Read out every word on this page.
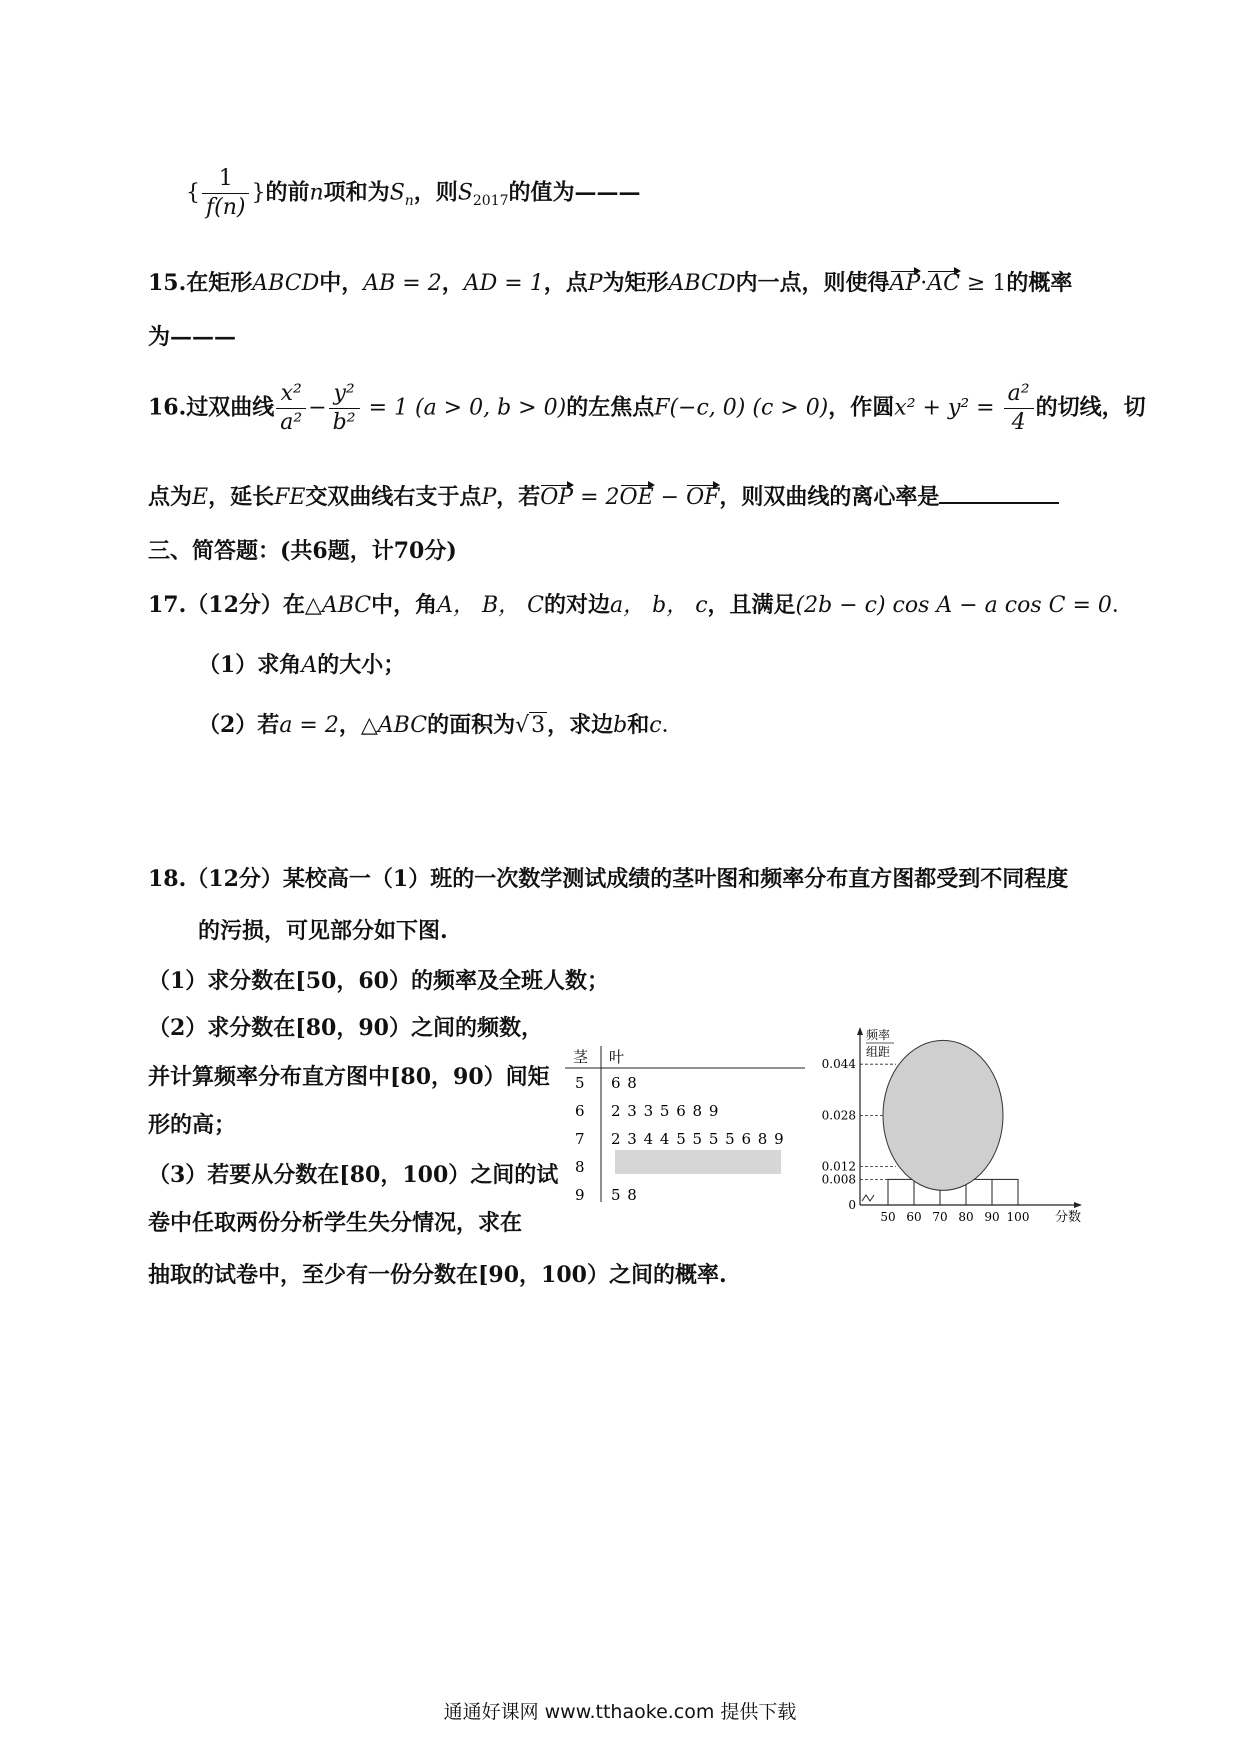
{ $\frac{1}{f(n)}$ }的前n项和为$S_n$，则$S_{2017}$的值为———
15.在矩形ABCD中，AB = 2，AD = 1，点P为矩形ABCD内一点，则使得AP·AC ≥ 1的概率
为———
16.过双曲线 $\frac{\text{x²}}{\text{a²}} - \frac{\text{y²}}{\text{b²}} = 1$ (a > 0, b > 0)的左焦点F(−c, 0) (c > 0)，作圆$x^2 + y^2 = \frac{\text{a²}}{4}$ 的切线，切
点为E，延长FE交双曲线右支于点P，若OP = 2OE − OF，则双曲线的离心率是
三、简答题：(共6题，计70分)
17.（12分）在△ABC中，角A， B， C的对边a， b， c，且满足(2b − c) cos A − a cos C = 0．
（1）求角A的大小；
（2）若a = 2，△ABC的面积为√3，求边b和c．
18.（12分）某校高一（1）班的一次数学测试成绩的茎叶图和频率分布直方图都受到不同程度
的污损，可见部分如下图.
（1）求分数在[50，60）的频率及全班人数；
（2）求分数在[80，90）之间的频数，
并计算频率分布直方图中[80，90）间矩
形的高；
（3）若要从分数在[80，100）之间的试
卷中任取两份分析学生失分情况，求在
抽取的试卷中，至少有一份分数在[90，100）之间的概率.
茎 叶
5 6 8
6 2 3 3 5 6 8 9
7 2 3 4 4 5 5 5 5 6 8 9
8
9 5 8
频率
组距
0.044
0.028
0.012
0.008
50 60 70 80 90 100
0
分数
通通好课网 www.tthaoke.com 提供下载
